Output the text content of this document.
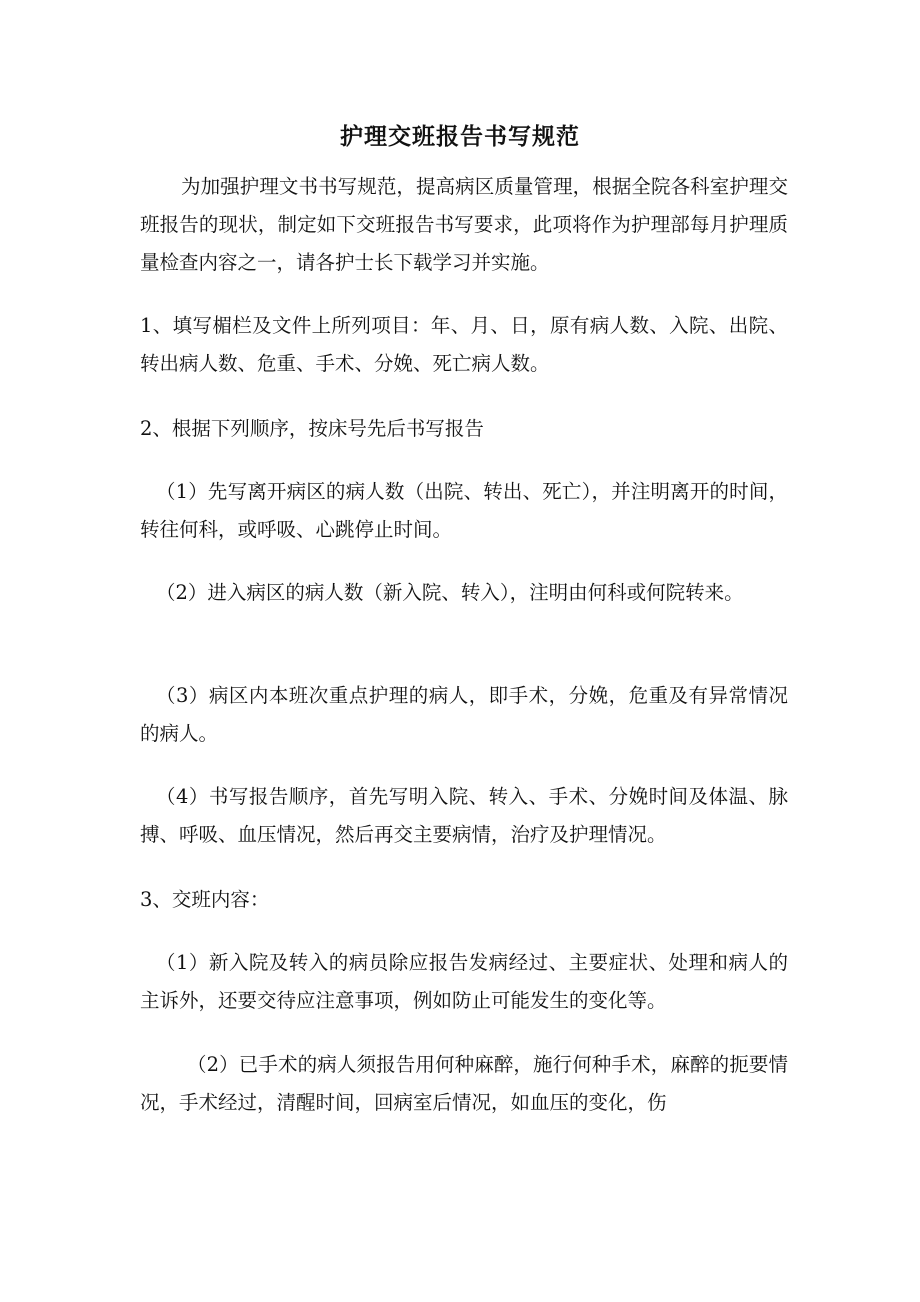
护理交班报告书写规范
为加强护理文书书写规范，提高病区质量管理，根据全院各科室护理交班报告的现状，制定如下交班报告书写要求，此项将作为护理部每月护理质量检查内容之一，请各护士长下载学习并实施。
1、填写楣栏及文件上所列项目：年、月、日，原有病人数、入院、出院、转出病人数、危重、手术、分娩、死亡病人数。
2、根据下列顺序，按床号先后书写报告
（1）先写离开病区的病人数（出院、转出、死亡），并注明离开的时间，转往何科，或呼吸、心跳停止时间。
（2）进入病区的病人数（新入院、转入），注明由何科或何院转来。
（3）病区内本班次重点护理的病人，即手术，分娩，危重及有异常情况的病人。
（4）书写报告顺序，首先写明入院、转入、手术、分娩时间及体温、脉搏、呼吸、血压情况，然后再交主要病情，治疗及护理情况。
3、交班内容：
（1）新入院及转入的病员除应报告发病经过、主要症状、处理和病人的主诉外，还要交待应注意事项，例如防止可能发生的变化等。
（2）已手术的病人须报告用何种麻醉，施行何种手术，麻醉的扼要情况，手术经过，清醒时间，回病室后情况，如血压的变化，伤
